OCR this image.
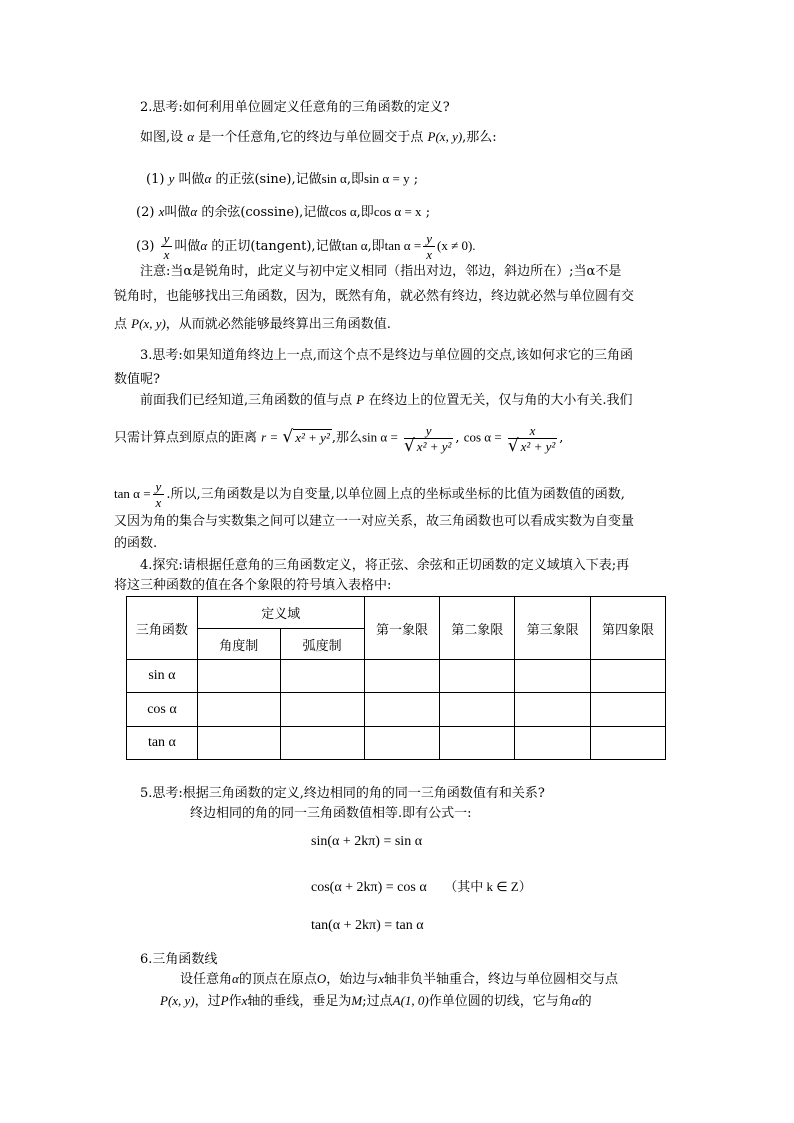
2.思考:如何利用单位圆定义任意角的三角函数的定义?
如图,设 α 是一个任意角,它的终边与单位圆交于点 P(x, y),那么:
(1) y 叫做α 的正弦(sine),记做sin α,即sin α = y ;
(2) x叫做α 的余弦(cossine),记做cos α,即cos α = x ;
$(3) \frac{y}{x}$ 叫做α 的正切(tangent),记做tan α,即$\tan \alpha = \frac{y}{x} (x \ne 0)$.
注意:当α是锐角时，此定义与初中定义相同（指出对边，邻边，斜边所在）;当α不是
锐角时，也能够找出三角函数，因为，既然有角，就必然有终边，终边就必然与单位圆有交
点 P(x, y)，从而就必然能够最终算出三角函数值.
3.思考:如果知道角终边上一点,而这个点不是终边与单位圆的交点,该如何求它的三角函
数值呢?
前面我们已经知道,三角函数的值与点 P 在终边上的位置无关，仅与角的大小有关.我们
只需计算点到原点的距离 r = √ x² + y² ,那么$\sin \alpha = \frac{y}{\text{√ x² + y²}}$ , $\cos \alpha = \frac{x}{\text{√ x² + y²}}$ ,
$\tan \alpha = \frac{y}{x}$ .所以,三角函数是以为自变量,以单位圆上点的坐标或坐标的比值为函数值的函数,
又因为角的集合与实数集之间可以建立一一对应关系，故三角函数也可以看成实数为自变量
的函数.
4.探究:请根据任意角的三角函数定义，将正弦、余弦和正切函数的定义域填入下表;再
将这三种函数的值在各个象限的符号填入表格中:
三角函数	定义域		第一象限	第二象限	第三象限	第四象限
	角度制	弧度制				
sin α						
cos α						
tan α						
5.思考:根据三角函数的定义,终边相同的角的同一三角函数值有和关系?
终边相同的角的同一三角函数值相等.即有公式一:
sin(α + 2kπ) = sin α
cos(α + 2kπ) = cos α （其中 k ∈ Z）
tan(α + 2kπ) = tan α
6.三角函数线
设任意角α的顶点在原点O，始边与x轴非负半轴重合，终边与单位圆相交与点
P(x, y)，过P作x轴的垂线，垂足为M;过点A(1, 0)作单位圆的切线，它与角α的
